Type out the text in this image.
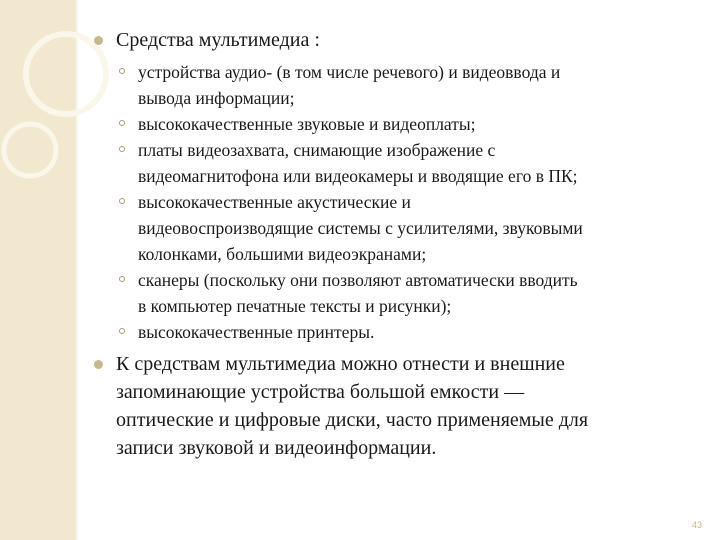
Средства мультимедиа :
устройства аудио- (в том числе речевого) и видеоввода и
вывода информации;
высококачественные звуковые и видеоплаты;
платы видеозахвата, снимающие изображение с
видеомагнитофона или видеокамеры и вводящие его в ПК;
высококачественные акустические и
видеовоспроизводящие системы с усилителями, звуковыми
колонками, большими видеоэкранами;
сканеры (поскольку они позволяют автоматически вводить
в компьютер печатные тексты и рисунки);
высококачественные принтеры.
К средствам мультимедиа можно отнести и внешние
запоминающие устройства большой емкости —
оптические и цифровые диски, часто применяемые для
записи звуковой и видеоинформации.
43
